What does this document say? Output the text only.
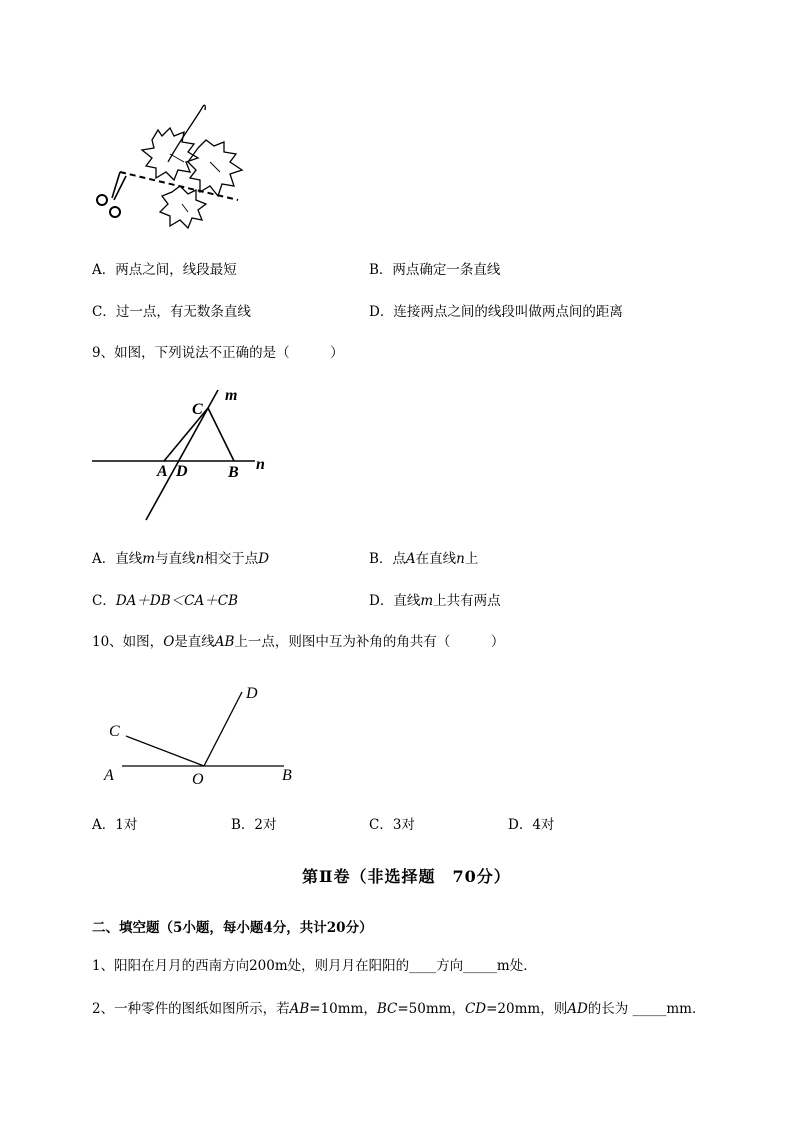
A．两点之间，线段最短	B．两点确定一条直线
C．过一点，有无数条直线	D．连接两点之间的线段叫做两点间的距离
9、如图，下列说法不正确的是（　　　）
C
m
A D	B n
A．直线m与直线n相交于点D	B．点A在直线n上
C．DA＋DB＜CA＋CB	D．直线m上共有两点
10、如图，O是直线AB上一点，则图中互为补角的角共有（　　　）
A	B
C
D
O
A．1对	B．2对	C．3对	D．4对
第Ⅱ卷（非选择题　70分）
二、填空题（5小题，每小题4分，共计20分）
1、阳阳在月月的西南方向200m处，则月月在阳阳的____方向_____m处．
2、一种零件的图纸如图所示，若AB=10mm，BC=50mm，CD=20mm，则AD的长为 _____mm．
